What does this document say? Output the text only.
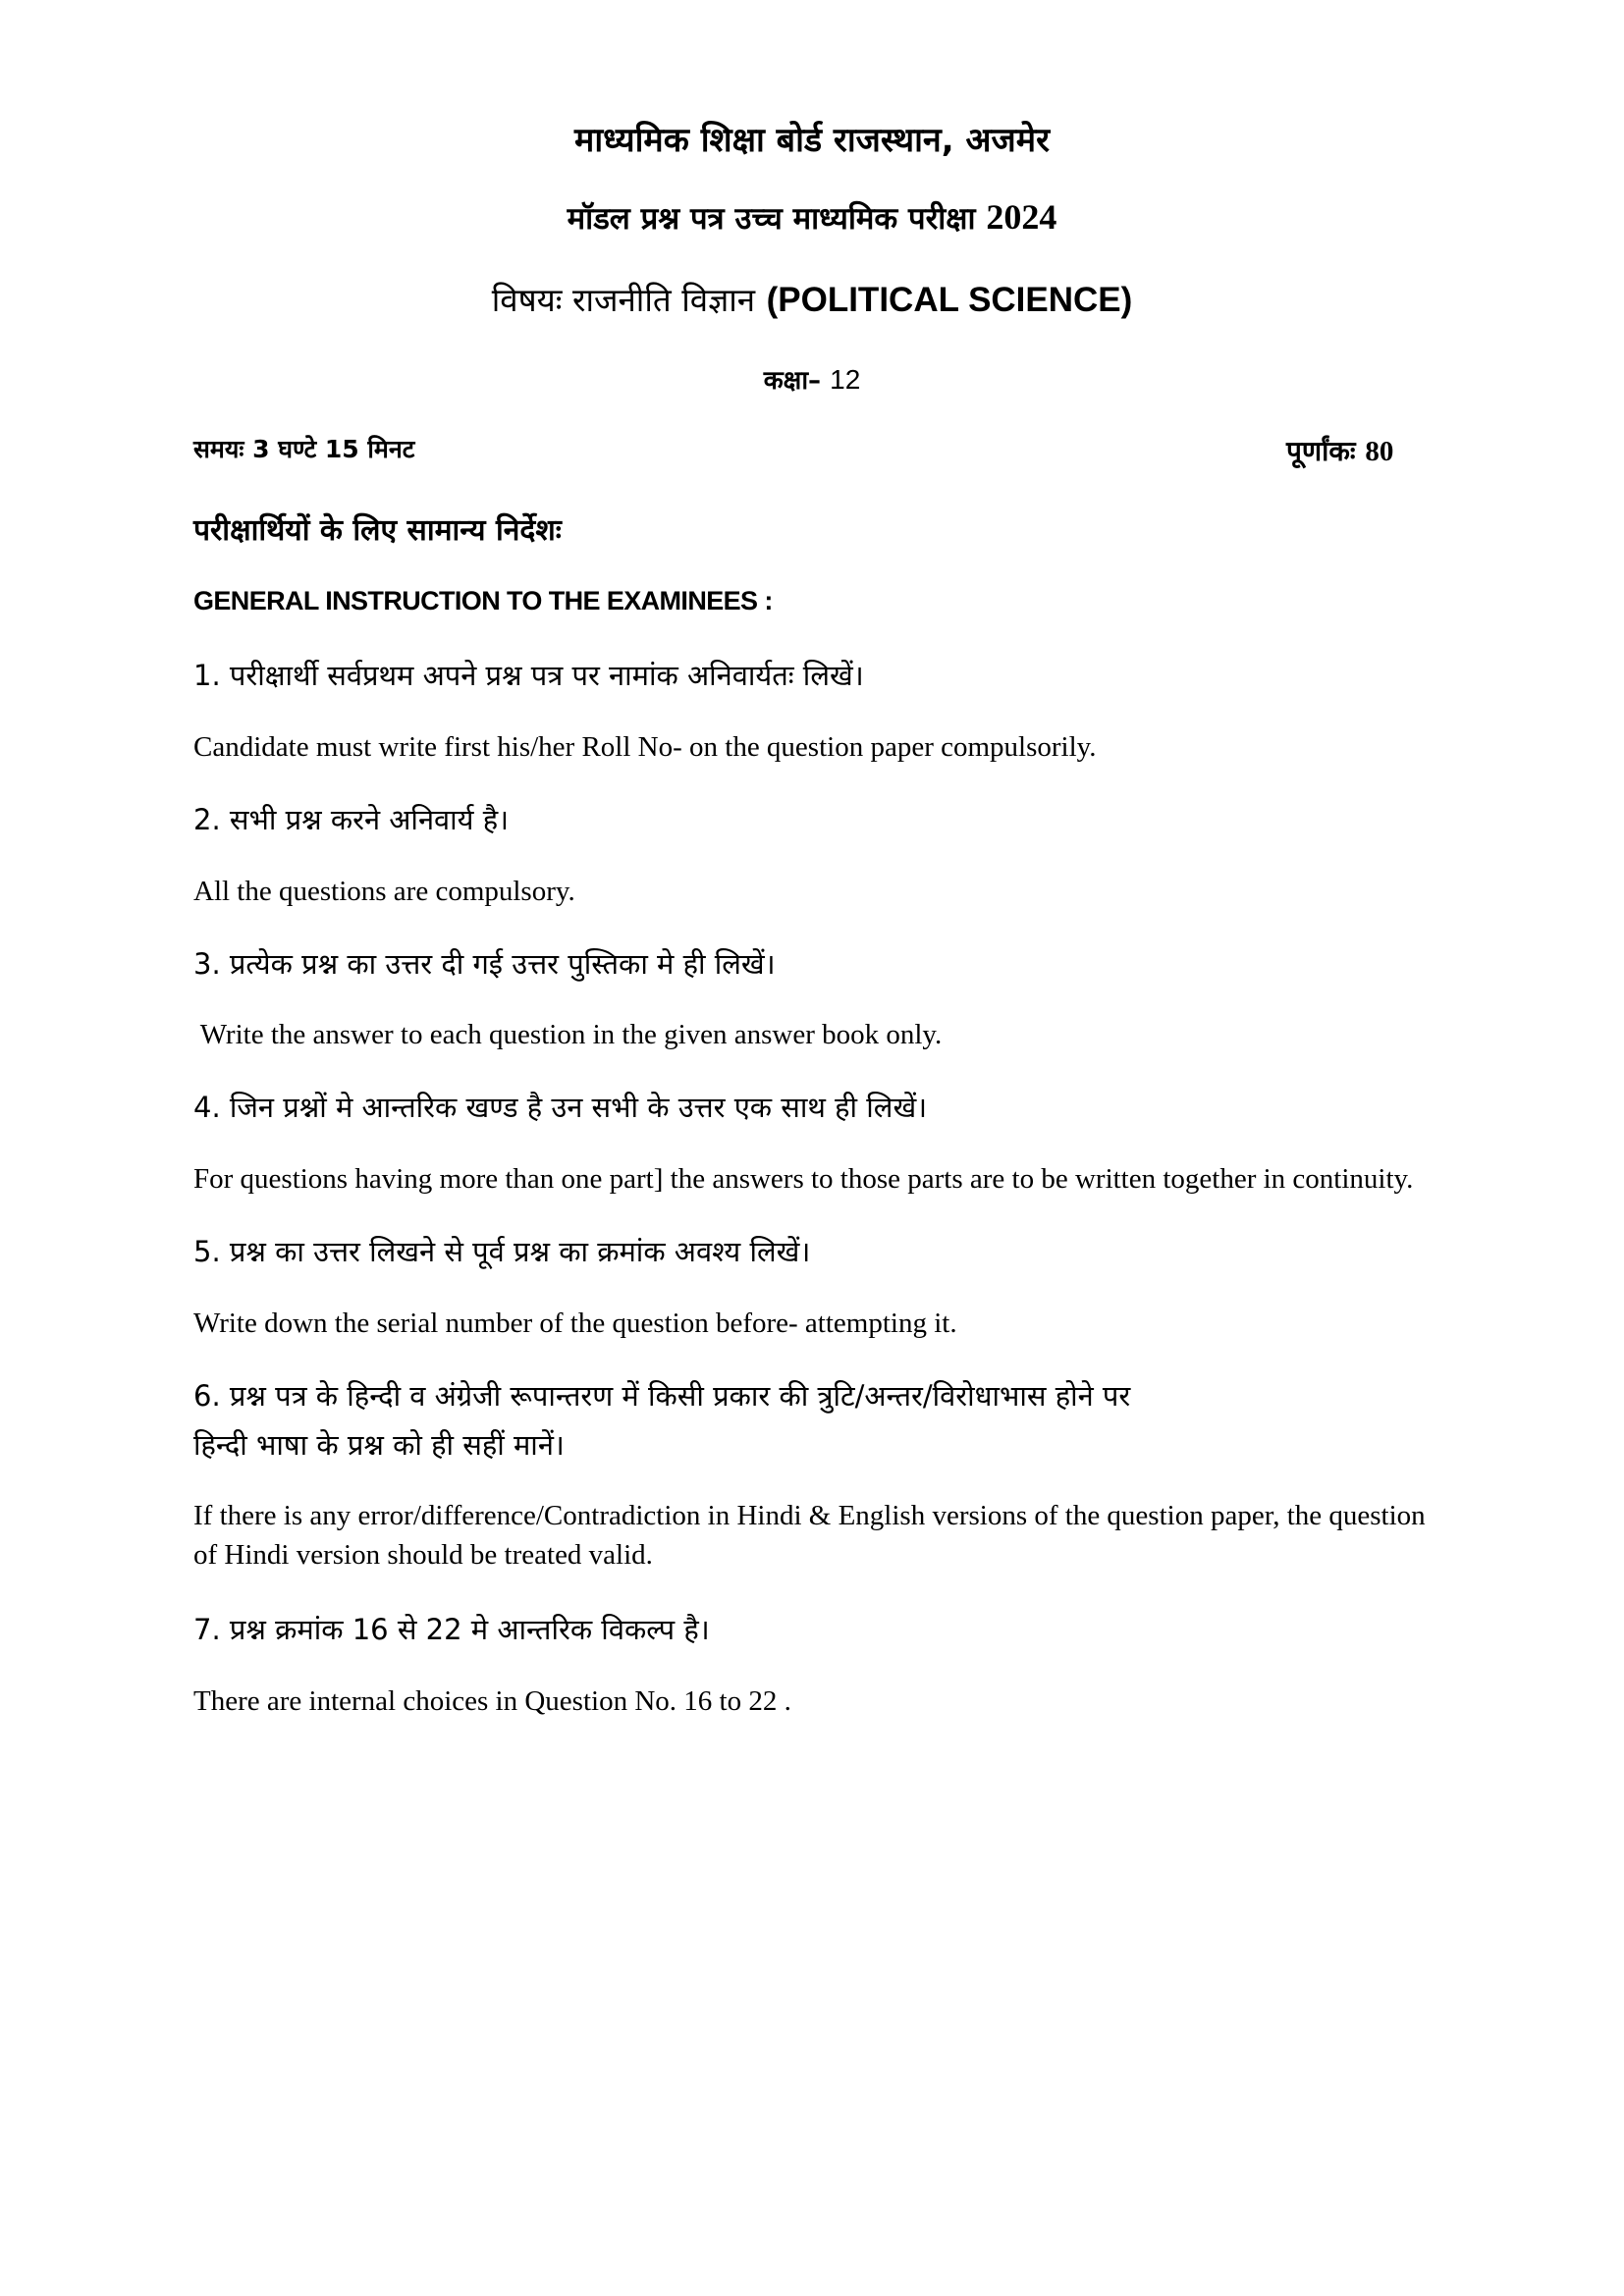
माध्यमिक शिक्षा बोर्ड राजस्थान, अजमेर
मॉडल प्रश्न पत्र उच्च माध्यमिक परीक्षा 2024
विषयः राजनीति विज्ञान (POLITICAL SCIENCE)
कक्षा– 12
समयः 3 घण्टे 15 मिनट	पूर्णांकः 80
परीक्षार्थियों के लिए सामान्य निर्देशः
GENERAL INSTRUCTION TO THE EXAMINEES :
1. परीक्षार्थी सर्वप्रथम अपने प्रश्न पत्र पर नामांक अनिवार्यतः लिखें।
Candidate must write first his/her Roll No- on the question paper compulsorily.
2. सभी प्रश्न करने अनिवार्य है।
All the questions are compulsory.
3. प्रत्येक प्रश्न का उत्तर दी गई उत्तर पुस्तिका मे ही लिखें।
Write the answer to each question in the given answer book only.
4. जिन प्रश्नों मे आन्तरिक खण्ड है उन सभी के उत्तर एक साथ ही लिखें।
For questions having more than one part] the answers to those parts are to be written together in continuity.
5. प्रश्न का उत्तर लिखने से पूर्व प्रश्न का क्रमांक अवश्य लिखें।
Write down the serial number of the question before- attempting it.
6. प्रश्न पत्र के हिन्दी व अंग्रेजी रूपान्तरण में किसी प्रकार की त्रुटि/अन्तर/विरोधाभास होने पर
हिन्दी भाषा के प्रश्न को ही सहीं मानें।
If there is any error/difference/Contradiction in Hindi & English versions of the question paper, the question
of Hindi version should be treated valid.
7. प्रश्न क्रमांक 16 से 22 मे आन्तरिक विकल्प है।
There are internal choices in Question No. 16 to 22 .
